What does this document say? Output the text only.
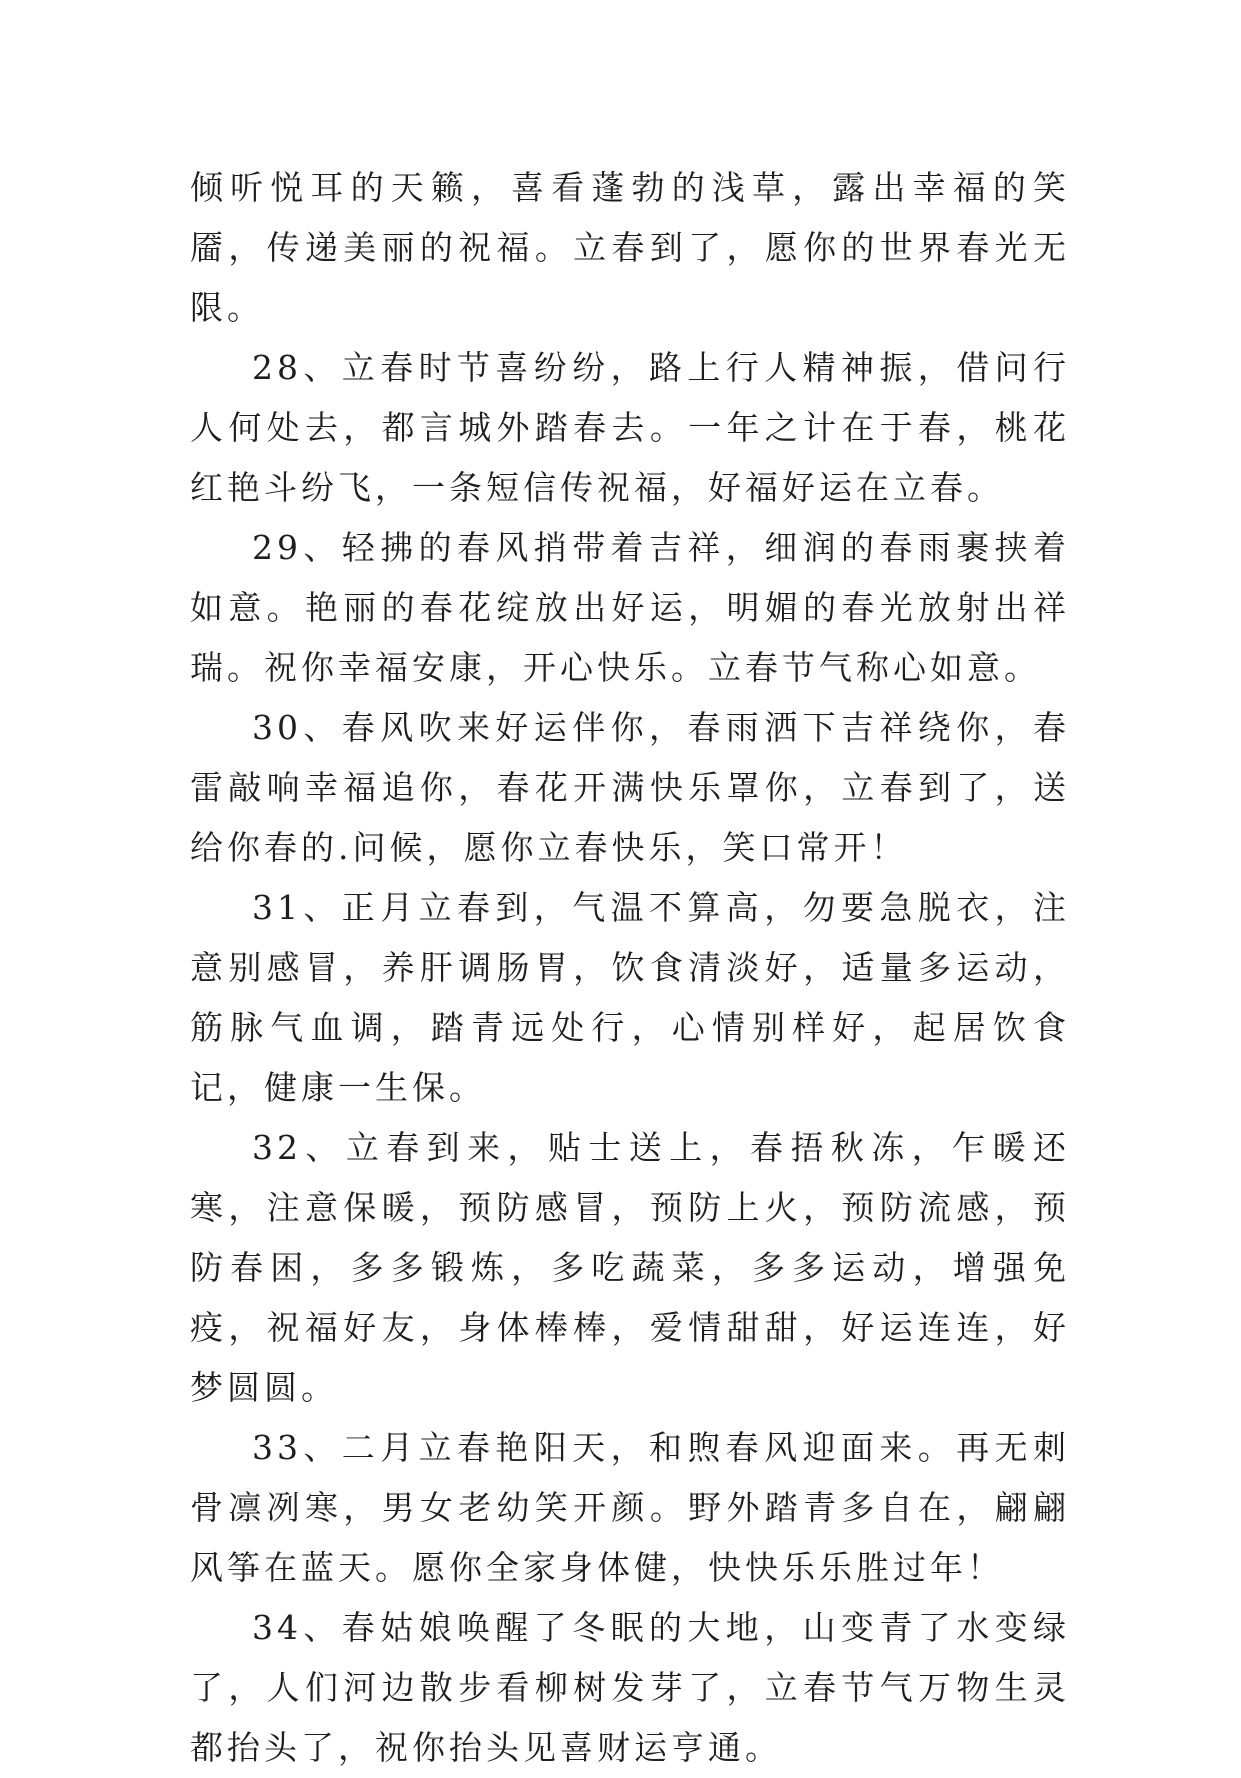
倾听悦耳的天籁，喜看蓬勃的浅草，露出幸福的笑靥，传递美丽的祝福。立春到了，愿你的世界春光无限。

28、立春时节喜纷纷，路上行人精神振，借问行人何处去，都言城外踏春去。一年之计在于春，桃花红艳斗纷飞，一条短信传祝福，好福好运在立春。

29、轻拂的春风捎带着吉祥，细润的春雨裹挟着如意。艳丽的春花绽放出好运，明媚的春光放射出祥瑞。祝你幸福安康，开心快乐。立春节气称心如意。

30、春风吹来好运伴你，春雨洒下吉祥绕你，春雷敲响幸福追你，春花开满快乐罩你，立春到了，送给你春的.问候，愿你立春快乐，笑口常开！

31、正月立春到，气温不算高，勿要急脱衣，注意别感冒，养肝调肠胃，饮食清淡好，适量多运动，筋脉气血调，踏青远处行，心情别样好，起居饮食记，健康一生保。

32、立春到来，贴士送上，春捂秋冻，乍暖还寒，注意保暖，预防感冒，预防上火，预防流感，预防春困，多多锻炼，多吃蔬菜，多多运动，增强免疫，祝福好友，身体棒棒，爱情甜甜，好运连连，好梦圆圆。

33、二月立春艳阳天，和煦春风迎面来。再无刺骨凛冽寒，男女老幼笑开颜。野外踏青多自在，翩翩风筝在蓝天。愿你全家身体健，快快乐乐胜过年！

34、春姑娘唤醒了冬眠的大地，山变青了水变绿了，人们河边散步看柳树发芽了，立春节气万物生灵都抬头了，祝你抬头见喜财运亨通。
